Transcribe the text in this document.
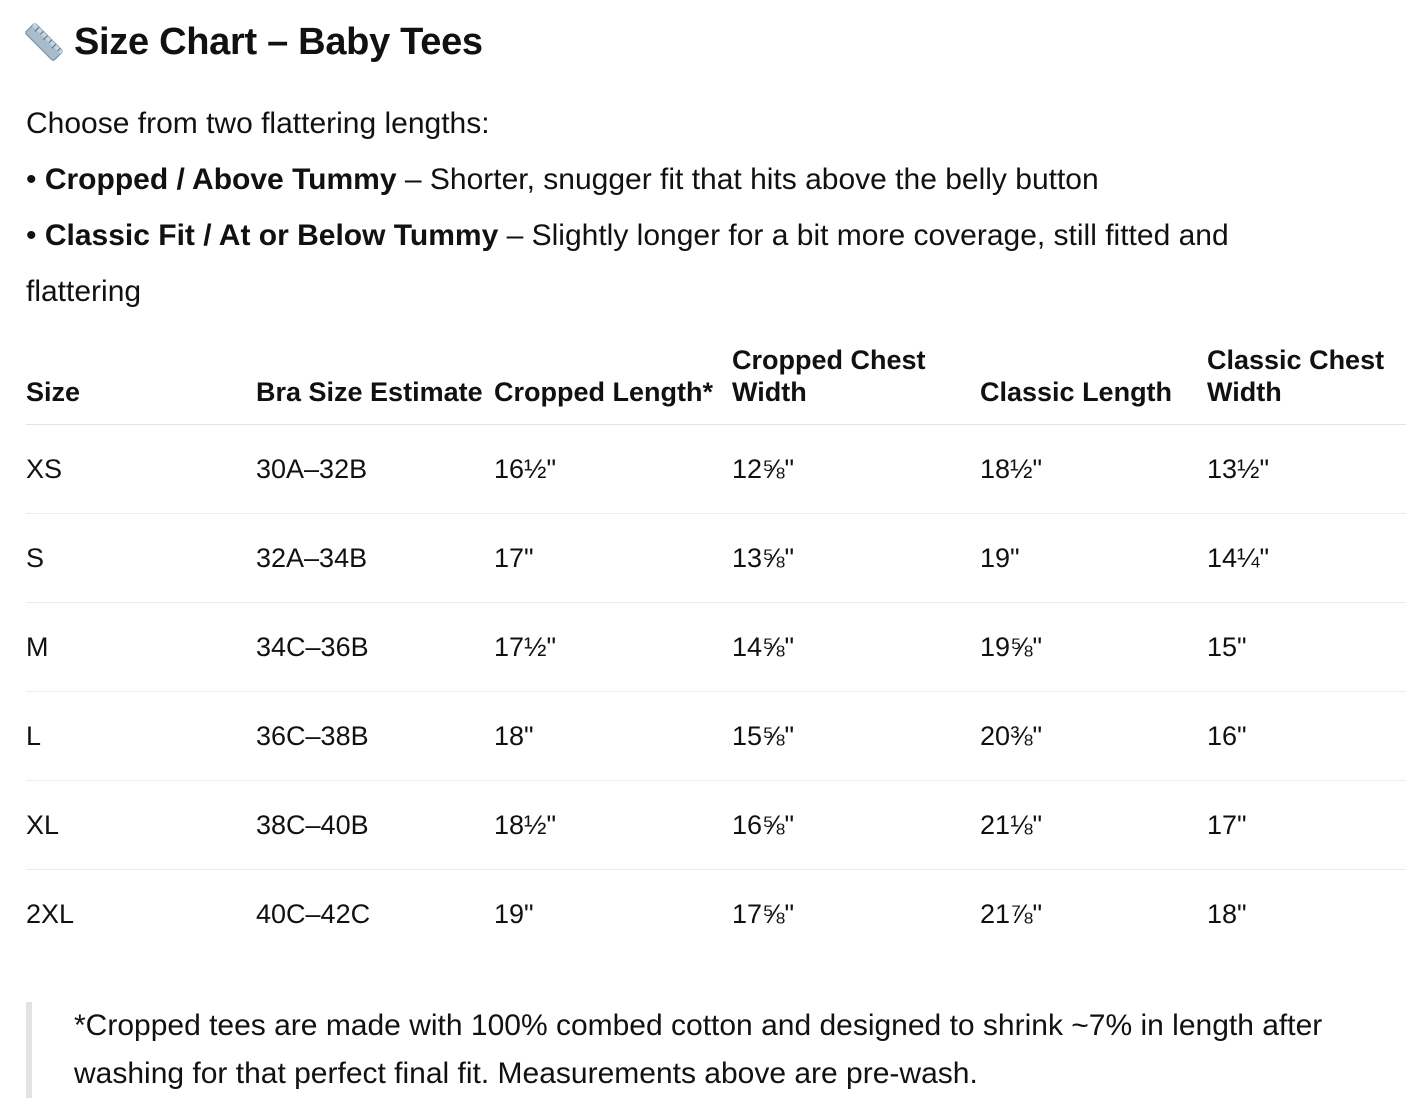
Size Chart – Baby Tees

Choose from two flattering lengths:

• Cropped / Above Tummy – Shorter, snugger fit that hits above the belly button

• Classic Fit / At or Below Tummy – Slightly longer for a bit more coverage, still fitted and flattering

Size	Bra Size Estimate	Cropped Length*	Cropped Chest Width	Classic Length	Classic Chest Width
XS	30A–32B	16½"	12⅝"	18½"	13½"
S	32A–34B	17"	13⅝"	19"	14¼"
M	34C–36B	17½"	14⅝"	19⅝"	15"
L	36C–38B	18"	15⅝"	20⅜"	16"
XL	38C–40B	18½"	16⅝"	21⅛"	17"
2XL	40C–42C	19"	17⅝"	21⅞"	18"
*Cropped tees are made with 100% combed cotton and designed to shrink ~7% in length after washing for that perfect final fit. Measurements above are pre-wash.
